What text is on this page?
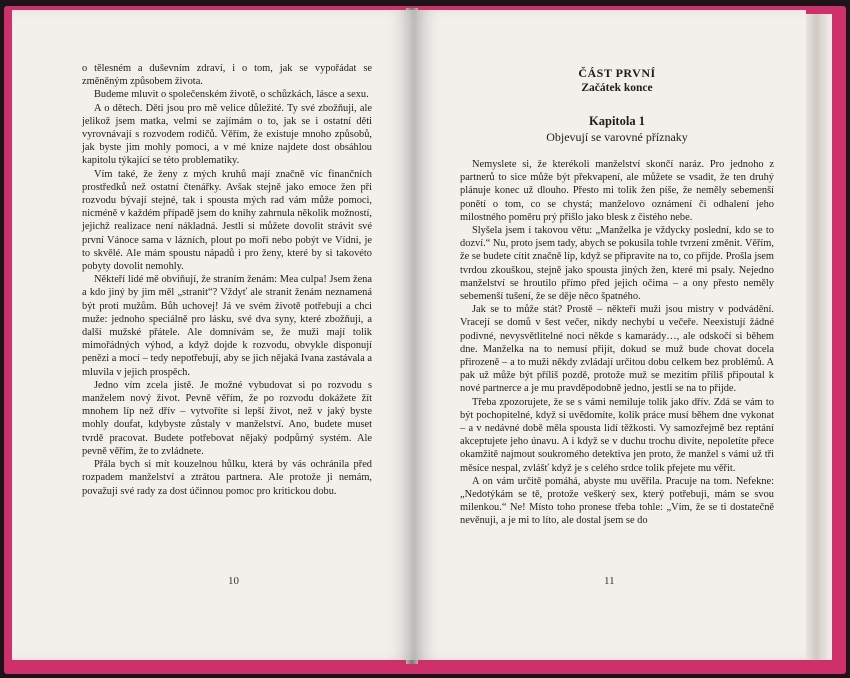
o tělesném a duševním zdraví, i o tom, jak se vypořádat se změněným způsobem života.

Budeme mluvit o společenském životě, o schůzkách, lásce a sexu.

A o dětech. Děti jsou pro mě velice důležité. Ty své zbožňuji, ale jelikož jsem matka, velmi se zajímám o to, jak se i ostatní děti vyrovnávají s rozvodem rodičů. Věřím, že existuje mnoho způsobů, jak byste jim mohly pomoci, a v mé knize najdete dost obsáhlou kapitolu týkající se této problematiky.

Vím také, že ženy z mých kruhů mají značně víc finančních prostředků než ostatní čtenářky. Avšak stejně jako emoce žen při rozvodu bývají stejné, tak i spousta mých rad vám může pomoci, nicméně v každém případě jsem do knihy zahrnula několik možností, jejichž realizace není nákladná. Jestli si můžete dovolit strávit své první Vánoce sama v lázních, plout po moři nebo pobýt ve Vídni, je to skvělé. Ale mám spoustu nápadů i pro ženy, které by si takovéto pobyty dovolit nemohly.

Někteří lidé mě obviňují, že straním ženám: Mea culpa! Jsem žena a kdo jiný by jim měl „stranit“? Vždyť ale stranit ženám neznamená být proti mužům. Bůh uchovej! Já ve svém životě potřebuji a chci muže: jednoho speciálně pro lásku, své dva syny, které zbožňuji, a další mužské přátele. Ale domnívám se, že muži mají tolik mimořádných výhod, a když dojde k rozvodu, obvykle disponují penězi a mocí – tedy nepotřebují, aby se jich nějaká Ivana zastávala a mluvila v jejich prospěch.

Jedno vím zcela jistě. Je možné vybudovat si po rozvodu s manželem nový život. Pevně věřím, že po rozvodu dokážete žít mnohem líp než dřív – vytvoříte si lepší život, než v jaký byste mohly doufat, kdybyste zůstaly v manželství. Ano, budete muset tvrdě pracovat. Budete potřebovat nějaký podpůrný systém. Ale pevně věřím, že to zvládnete.

Přála bych si mít kouzelnou hůlku, která by vás ochránila před rozpadem manželství a ztrátou partnera. Ale protože ji nemám, považuji své rady za dost účinnou pomoc pro kritickou dobu.

10
ČÁST PRVNÍ
Začátek konce
Kapitola 1
Objevují se varovné příznaky

Nemyslete si, že kterékoli manželství skončí naráz. Pro jednoho z partnerů to sice může být překvapení, ale můžete se vsadit, že ten druhý plánuje konec už dlouho. Přesto mi tolik žen píše, že neměly sebemenší ponětí o tom, co se chystá; manželovo oznámení či odhalení jeho milostného poměru prý přišlo jako blesk z čistého nebe.

Slyšela jsem i takovou větu: „Manželka je vždycky poslední, kdo se to dozví.“ Nu, proto jsem tady, abych se pokusila tohle tvrzení změnit. Věřím, že se budete cítit značně líp, když se připravíte na to, co přijde. Prošla jsem tvrdou zkouškou, stejně jako spousta jiných žen, které mi psaly. Nejedno manželství se hroutilo přímo před jejich očima – a ony přesto neměly sebemenší tušení, že se děje něco špatného.

Jak se to může stát? Prostě – někteří muži jsou mistry v podvádění. Vracejí se domů v šest večer, nikdy nechybí u večeře. Neexistují žádné podivné, nevysvětlitelné noci někde s kamarády…, ale odskočí si během dne. Manželka na to nemusí přijít, dokud se muž bude chovat docela přirozeně – a to muži někdy zvládají určitou dobu celkem bez problémů. A pak už může být příliš pozdě, protože muž se mezitím příliš připoutal k nové partnerce a je mu pravděpodobně jedno, jestli se na to přijde.

Třeba zpozorujete, že se s vámi nemiluje tolik jako dřív. Zdá se vám to být pochopitelné, když si uvědomíte, kolik práce musí během dne vykonat – a v nedávné době měla spousta lidí těžkosti. Vy samozřejmě bez reptání akceptujete jeho únavu. A i když se v duchu trochu divíte, nepoletíte přece okamžitě najmout soukromého detektiva jen proto, že manžel s vámi už tři měsíce nespal, zvlášť když je s celého srdce tolik přejete mu věřit.

A on vám určitě pomáhá, abyste mu uvěřila. Pracuje na tom. Nefekne: „Nedotýkám se tě, protože veškerý sex, který potřebuji, mám se svou milenkou.“ Ne! Místo toho pronese třeba tohle: „Vím, že se ti dostatečně nevěnuji, a je mi to líto, ale dostal jsem se do

11
